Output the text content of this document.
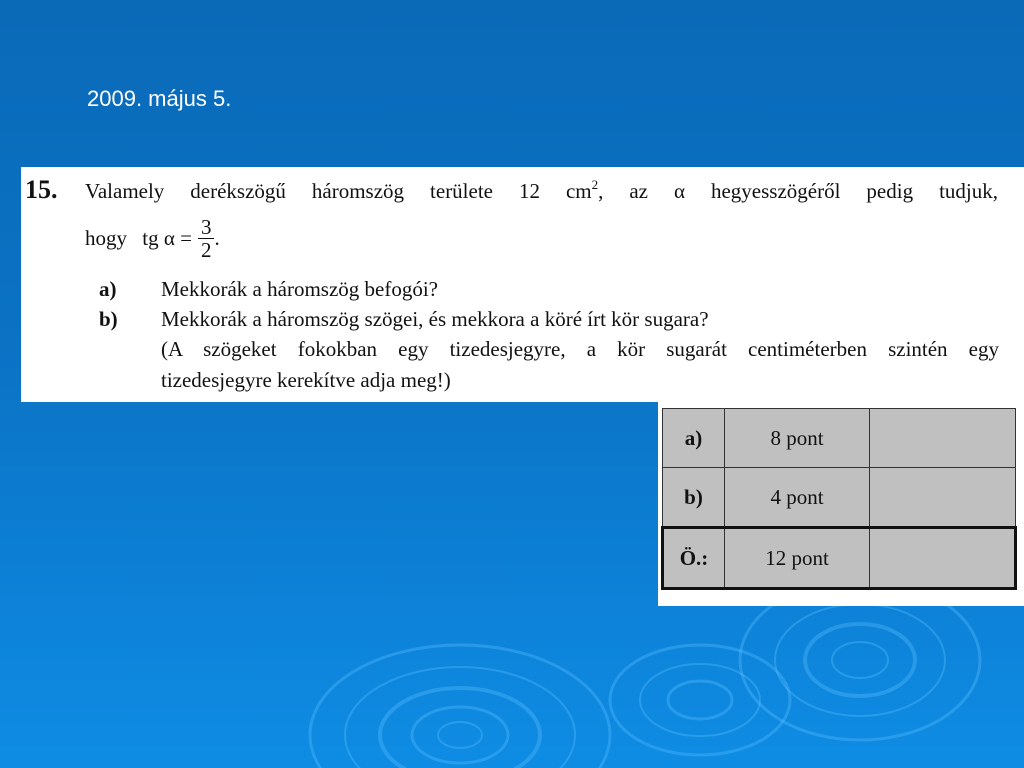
2009. május 5.
15. Valamely derékszögű háromszög területe 12 $cm^2$, az α hegyesszögéről pedig tudjuk,
hogy tg $\alpha = \frac{3}{2}$ .
a) Mekkorák a háromszög befogói?
b) Mekkorák a háromszög szögei, és mekkora a köré írt kör sugara?
(A szögeket fokokban egy tizedesjegyre, a kör sugarát centiméterben szintén egy
tizedesjegyre kerekítve adja meg!)
a)	8 pont	
b)	4 pont	
Ö.:	12 pont	
